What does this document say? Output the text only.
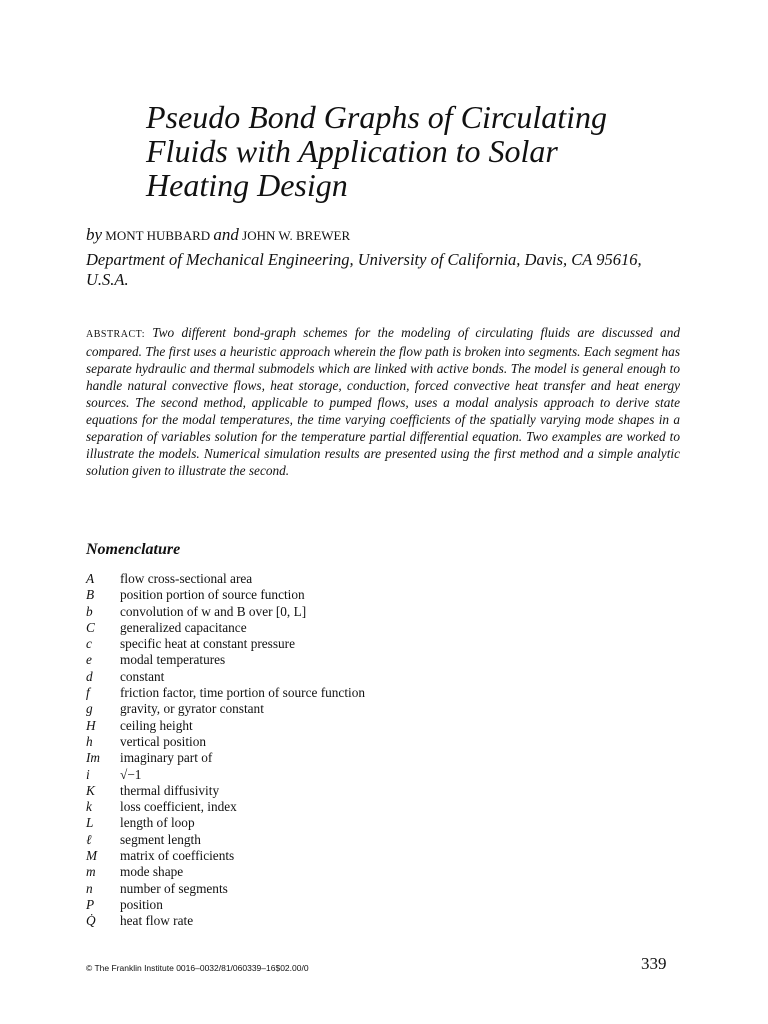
Pseudo Bond Graphs of Circulating
Fluids with Application to Solar
Heating Design
by MONT HUBBARD and JOHN W. BREWER
Department of Mechanical Engineering, University of California, Davis, CA 95616, U.S.A.
ABSTRACT: Two different bond-graph schemes for the modeling of circulating fluids are discussed and compared. The first uses a heuristic approach wherein the flow path is broken into segments. Each segment has separate hydraulic and thermal submodels which are linked with active bonds. The model is general enough to handle natural convective flows, heat storage, conduction, forced convective heat transfer and heat energy sources. The second method, applicable to pumped flows, uses a modal analysis approach to derive state equations for the modal temperatures, the time varying coefficients of the spatially varying mode shapes in a separation of variables solution for the temperature partial differential equation. Two examples are worked to illustrate the models. Numerical simulation results are presented using the first method and a simple analytic solution given to illustrate the second.
Nomenclature
A	flow cross-sectional area
B	position portion of source function
b	convolution of w and B over [0, L]
C	generalized capacitance
c	specific heat at constant pressure
e	modal temperatures
d	constant
f	friction factor, time portion of source function
g	gravity, or gyrator constant
H	ceiling height
h	vertical position
Im	imaginary part of
i	√−1
K	thermal diffusivity
k	loss coefficient, index
L	length of loop
ℓ	segment length
M	matrix of coefficients
m	mode shape
n	number of segments
P	position
Q̇	heat flow rate
© The Franklin Institute 0016–0032/81/060339–16$02.00/0	339
